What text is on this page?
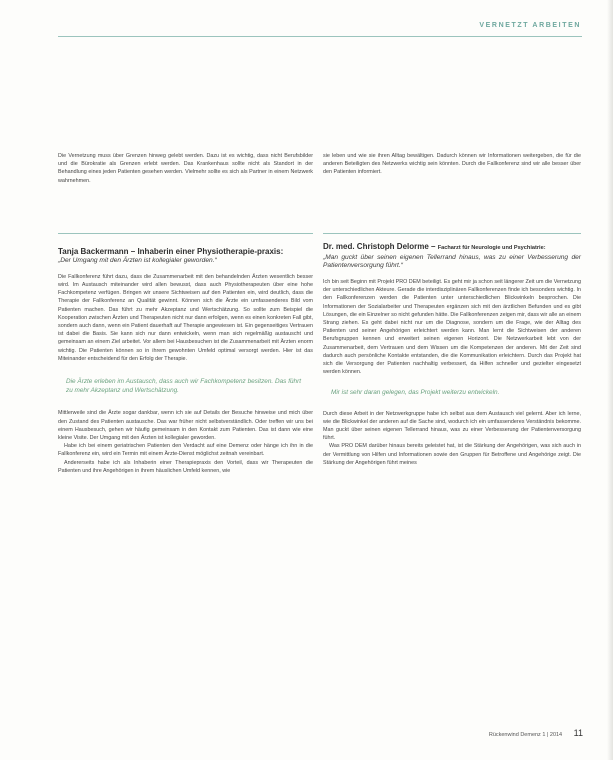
VERNETZT ARBEITEN

Die Vernetzung muss über Grenzen hinweg gelebt werden. Dazu ist es wichtig, dass nicht Berufsbilder und die Bürokratie als Grenzen erlebt werden. Das Krankenhaus sollte nicht als Standort in der Behandlung eines jeden Patienten gesehen werden. Vielmehr sollte es sich als Partner in einem Netzwerk wahrnehmen.

Tanja Backermann – Inhaberin einer Physiotherapie-praxis:

„Der Umgang mit den Ärzten ist kollegialer geworden.“

Die Fallkonferenz führt dazu, dass die Zusammenarbeit mit den behandelnden Ärzten wesentlich besser wird. Im Austausch miteinander wird allen bewusst, dass auch Physiotherapeuten über eine hohe Fachkompetenz verfügen. Bringen wir unsere Sichtweisen auf den Patienten ein, wird deutlich, dass die Therapie der Fallkonferenz an Qualität gewinnt. Können sich die Ärzte ein umfassenderes Bild vom Patienten machen. Das führt zu mehr Akzeptanz und Wertschätzung. So sollte zum Beispiel die Kooperation zwischen Ärzten und Therapeuten nicht nur dann erfolgen, wenn es einen konkreten Fall gibt, sondern auch dann, wenn ein Patient dauerhaft auf Therapie angewiesen ist. Ein gegenseitiges Vertrauen ist dabei die Basis. Sie kann sich nur dann entwickeln, wenn man sich regelmäßig austauscht und gemeinsam an einem Ziel arbeitet. Vor allem bei Hausbesuchen ist die Zusammenarbeit mit Ärzten enorm wichtig. Die Patienten können so in ihrem gewohnten Umfeld optimal versorgt werden. Hier ist das Miteinander entscheidend für den Erfolg der Therapie.

Die Ärzte erleben im Austausch, dass auch wir Fachkompetenz besitzen. Das führt zu mehr Akzeptanz und Wertschätzung.

Mittlerweile sind die Ärzte sogar dankbar, wenn ich sie auf Details der Besuche hinweise und mich über den Zustand des Patienten austausche. Das war früher nicht selbstverständlich. Oder treffen wir uns bei einem Hausbesuch, gehen wir häufig gemeinsam in den Kontakt zum Patienten. Das ist dann wie eine kleine Visite. Der Umgang mit den Ärzten ist kollegialer geworden.

Habe ich bei einem geriatrischen Patienten den Verdacht auf eine Demenz oder hänge ich ihn in die Fallkonferenz ein, wird ein Termin mit einem Ärzte-Dienst möglichst zeitnah vereinbart.

Andererseits habe ich als Inhaberin einer Therapiepraxis den Vorteil, dass wir Therapeuten die Patienten und ihre Angehörigen in ihrem häuslichen Umfeld kennen, wie

sie leben und wie sie ihren Alltag bewältigen. Dadurch können wir Informationen weitergeben, die für die anderen Beteiligten des Netzwerks wichtig sein könnten. Durch die Fallkonferenz sind wir alle besser über den Patienten informiert.

Dr. med. Christoph Delorme – Facharzt für Neurologie und Psychiatrie:

„Man guckt über seinen eigenen Tellerrand hinaus, was zu einer Verbesserung der Patientenversorgung führt.“

Ich bin seit Beginn mit Projekt PRO DEM beteiligt. Es geht mir ja schon seit längerer Zeit um die Vernetzung der unterschiedlichen Akteure. Gerade die interdisziplinären Fallkonferenzen finde ich besonders wichtig. In den Fallkonferenzen werden die Patienten unter unterschiedlichen Blickwinkeln besprochen. Die Informationen der Sozialarbeiter und Therapeuten ergänzen sich mit den ärztlichen Befunden und es gibt Lösungen, die ein Einzelner so nicht gefunden hätte. Die Fallkonferenzen zeigen mir, dass wir alle an einem Strang ziehen. Es geht dabei nicht nur um die Diagnose, sondern um die Frage, wie der Alltag des Patienten und seiner Angehörigen erleichtert werden kann. Man lernt die Sichtweisen der anderen Berufsgruppen kennen und erweitert seinen eigenen Horizont. Die Netzwerkarbeit lebt von der Zusammenarbeit, dem Vertrauen und dem Wissen um die Kompetenzen der anderen. Mit der Zeit sind dadurch auch persönliche Kontakte entstanden, die die Kommunikation erleichtern. Durch das Projekt hat sich die Versorgung der Patienten nachhaltig verbessert, da Hilfen schneller und gezielter eingesetzt werden können.

Mir ist sehr daran gelegen, das Projekt weiterzu entwickeln.

Durch diese Arbeit in der Netzwerkgruppe habe ich selbst aus dem Austausch viel gelernt. Aber ich lerne, wie die Blickwinkel der anderen auf die Sache sind, wodurch ich ein umfassenderes Verständnis bekomme. Man guckt über seinen eigenen Tellerrand hinaus, was zu einer Verbesserung der Patientenversorgung führt.

Was PRO DEM darüber hinaus bereits geleistet hat, ist die Stärkung der Angehörigen, was sich auch in der Vermittlung von Hilfen und Informationen sowie den Gruppen für Betroffene und Angehörige zeigt. Die Stärkung der Angehörigen führt meines

Rückenwind Demenz 1 | 2014 11
